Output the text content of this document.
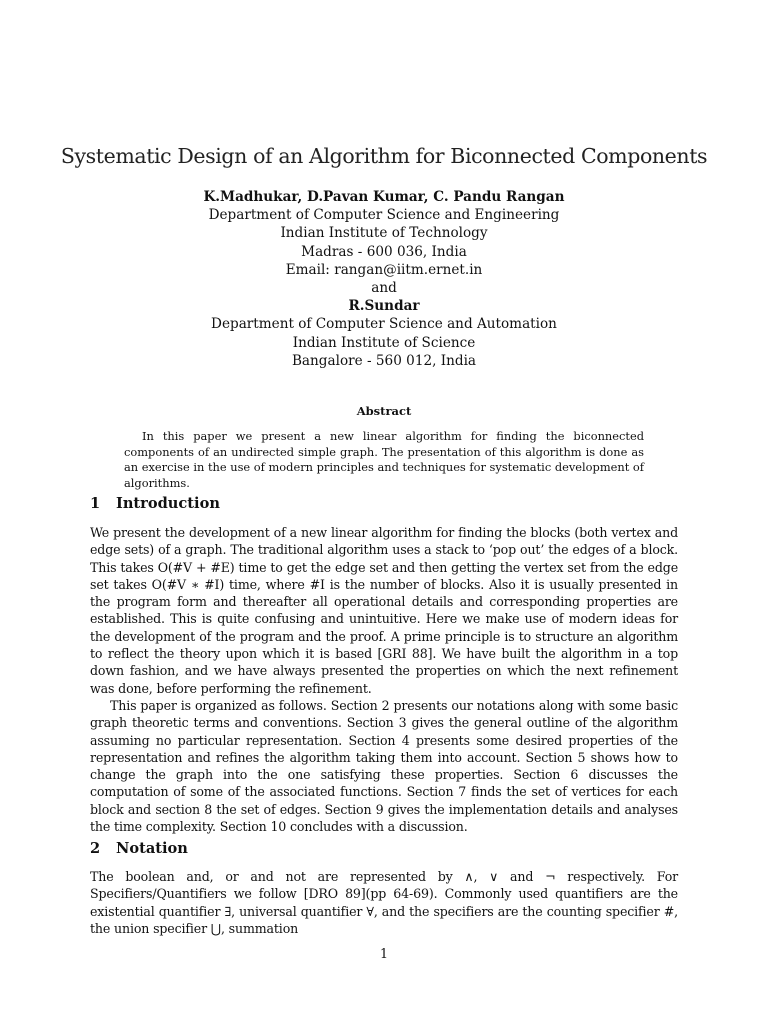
Systematic Design of an Algorithm for Biconnected Components
K.Madhukar, D.Pavan Kumar, C. Pandu Rangan
Department of Computer Science and Engineering
Indian Institute of Technology
Madras - 600 036, India
Email: rangan@iitm.ernet.in
and
R.Sundar
Department of Computer Science and Automation
Indian Institute of Science
Bangalore - 560 012, India
Abstract

In this paper we present a new linear algorithm for finding the biconnected components of an undirected simple graph. The presentation of this algorithm is done as an exercise in the use of modern principles and techniques for systematic development of algorithms.

1 Introduction

We present the development of a new linear algorithm for finding the blocks (both vertex and edge sets) of a graph. The traditional algorithm uses a stack to ‘pop out’ the edges of a block. This takes O(#V + #E) time to get the edge set and then getting the vertex set from the edge set takes O(#V ∗ #I) time, where #I is the number of blocks. Also it is usually presented in the program form and thereafter all operational details and corresponding properties are established. This is quite confusing and unintuitive. Here we make use of modern ideas for the development of the program and the proof. A prime principle is to structure an algorithm to reflect the theory upon which it is based [GRI 88]. We have built the algorithm in a top down fashion, and we have always presented the properties on which the next refinement was done, before performing the refinement.

This paper is organized as follows. Section 2 presents our notations along with some basic graph theoretic terms and conventions. Section 3 gives the general outline of the algorithm assuming no particular representation. Section 4 presents some desired properties of the representation and refines the algorithm taking them into account. Section 5 shows how to change the graph into the one satisfying these properties. Section 6 discusses the computation of some of the associated functions. Section 7 finds the set of vertices for each block and section 8 the set of edges. Section 9 gives the implementation details and analyses the time complexity. Section 10 concludes with a discussion.

2 Notation

The boolean and, or and not are represented by ∧, ∨ and ¬ respectively. For Specifiers/Quantifiers we follow [DRO 89](pp 64-69). Commonly used quantifiers are the existential quantifier ∃, universal quantifier ∀, and the specifiers are the counting specifier #, the union specifier ⋃, summation

1
